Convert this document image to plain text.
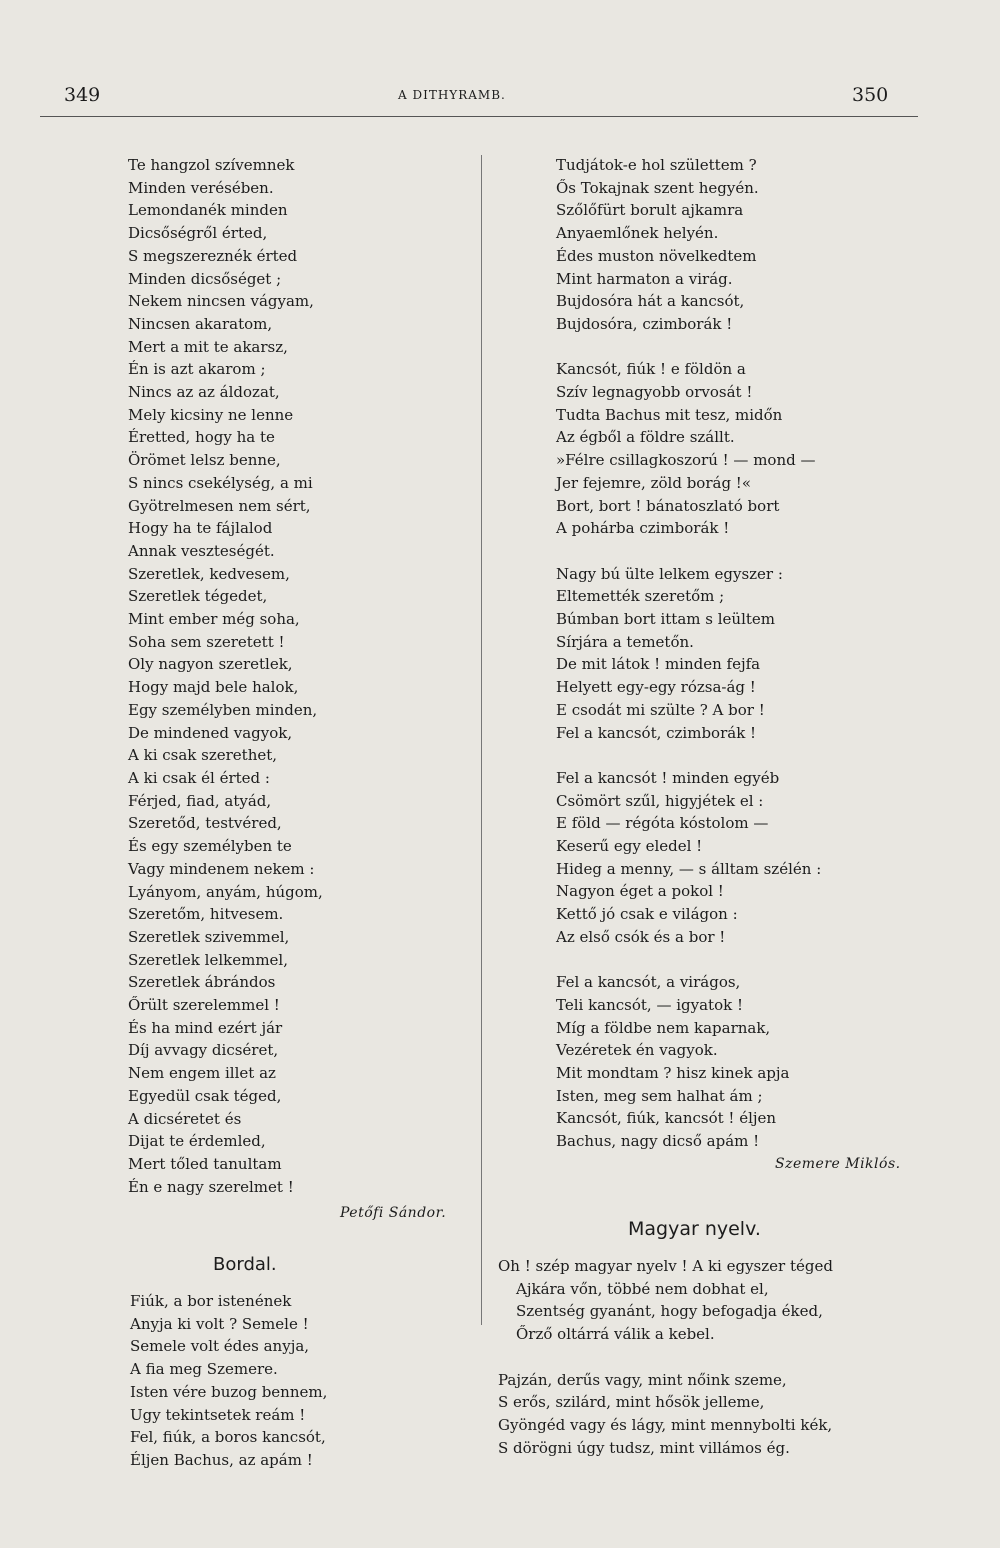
349	A DITHYRAMB.	350
Te hangzol szívemnek
Minden verésében.
Lemondanék minden
Dicsőségről érted,
S megszereznék érted
Minden dicsőséget ;
Nekem nincsen vágyam,
Nincsen akaratom,
Mert a mit te akarsz,
Én is azt akarom ;
Nincs az az áldozat,
Mely kicsiny ne lenne
Éretted, hogy ha te
Örömet lelsz benne,
S nincs csekélység, a mi
Gyötrelmesen nem sért,
Hogy ha te fájlalod
Annak veszteségét.
Szeretlek, kedvesem,
Szeretlek tégedet,
Mint ember még soha,
Soha sem szeretett !
Oly nagyon szeretlek,
Hogy majd bele halok,
Egy személyben minden,
De mindened vagyok,
A ki csak szerethet,
A ki csak él érted :
Férjed, fiad, atyád,
Szeretőd, testvéred,
És egy személyben te
Vagy mindenem nekem :
Lyányom, anyám, húgom,
Szeretőm, hitvesem.
Szeretlek szivemmel,
Szeretlek lelkemmel,
Szeretlek ábrándos
Őrült szerelemmel !
És ha mind ezért jár
Díj avvagy dicséret,
Nem engem illet az
Egyedül csak téged,
A dicséretet és
Dijat te érdemled,
Mert tőled tanultam
Én e nagy szerelmet !
Petőfi Sándor.
Bordal.
Fiúk, a bor istenének
Anyja ki volt ? Semele !
Semele volt édes anyja,
A fia meg Szemere.
Isten vére buzog bennem,
Ugy tekintsetek reám !
Fel, fiúk, a boros kancsót,
Éljen Bachus, az apám !
Tudjátok-e hol születtem ?
Ős Tokajnak szent hegyén.
Szőlőfürt borult ajkamra
Anyaemlőnek helyén.
Édes muston növelkedtem
Mint harmaton a virág.
Bujdosóra hát a kancsót,
Bujdosóra, czimborák !
Kancsót, fiúk ! e földön a
Szív legnagyobb orvosát !
Tudta Bachus mit tesz, midőn
Az égből a földre szállt.
»Félre csillagkoszorú ! — mond —
Jer fejemre, zöld borág !«
Bort, bort ! bánatoszlató bort
A pohárba czimborák !
Nagy bú ülte lelkem egyszer :
Eltemették szeretőm ;
Búmban bort ittam s leültem
Sírjára a temetőn.
De mit látok ! minden fejfa
Helyett egy-egy rózsa-ág !
E csodát mi szülte ? A bor !
Fel a kancsót, czimborák !
Fel a kancsót ! minden egyéb
Csömört szűl, higyjétek el :
E föld — régóta kóstolom —
Keserű egy eledel !
Hideg a menny, — s álltam szélén :
Nagyon éget a pokol !
Kettő jó csak e világon :
Az első csók és a bor !
Fel a kancsót, a virágos,
Teli kancsót, — igyatok !
Míg a földbe nem kaparnak,
Vezéretek én vagyok.
Mit mondtam ? hisz kinek apja
Isten, meg sem halhat ám ;
Kancsót, fiúk, kancsót ! éljen
Bachus, nagy dicső apám !
Szemere Miklós.
Magyar nyelv.
Oh ! szép magyar nyelv ! A ki egyszer téged
Ajkára vőn, többé nem dobhat el,
Szentség gyanánt, hogy befogadja éked,
Őrző oltárrá válik a kebel.
Pajzán, derűs vagy, mint nőink szeme,
S erős, szilárd, mint hősök jelleme,
Gyöngéd vagy és lágy, mint mennybolti kék,
S dörögni úgy tudsz, mint villámos ég.
